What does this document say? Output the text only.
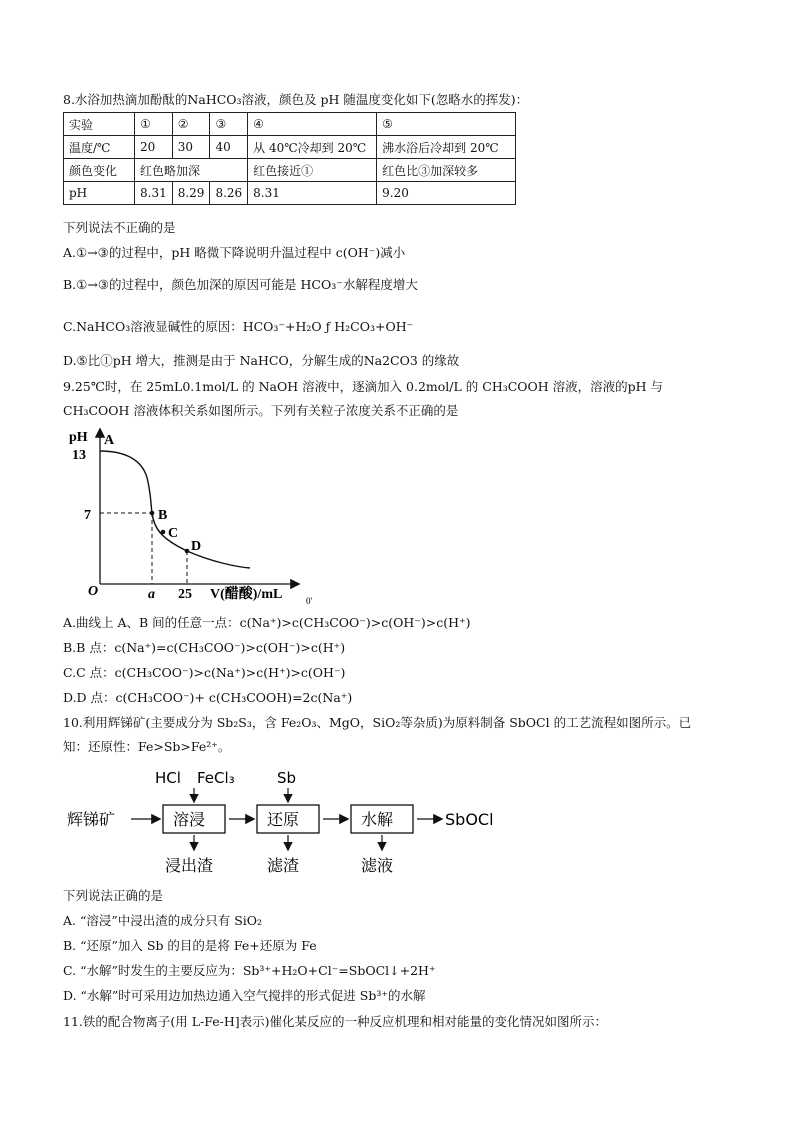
8.水浴加热滴加酚酞的NaHCO₃溶液，颜色及 pH 随温度变化如下(忽略水的挥发)：
实验	①	②	③	④	⑤
温度/℃	20	30	40	从 40℃冷却到 20℃	沸水浴后冷却到 20℃
颜色变化	红色略加深			红色接近①	红色比③加深较多
pH	8.31	8.29	8.26	8.31	9.20
下列说法不正确的是
A.①→③的过程中，pH 略微下降说明升温过程中 c(OH⁻)减小
B.①→③的过程中，颜色加深的原因可能是 HCO₃⁻水解程度增大
C.NaHCO₃溶液显碱性的原因：HCO₃⁻+H₂O ƒ H₂CO₃+OH⁻
D.⑤比①pH 增大，推测是由于 NaHCO，分解生成的Na2CO3 的缘故
9.25℃时，在 25mL0.1mol/L 的 NaOH 溶液中，逐滴加入 0.2mol/L 的 CH₃COOH 溶液，溶液的pH 与
CH₃COOH 溶液体积关系如图所示。下列有关粒子浓度关系不正确的是
pH A
13
7	B
C
D
O	a 25 V(醋酸)/mL	0'
A.曲线上 A、B 间的任意一点：c(Na⁺)>c(CH₃COO⁻)>c(OH⁻)>c(H⁺)
B.B 点：c(Na⁺)=c(CH₃COO⁻)>c(OH⁻)>c(H⁺)
C.C 点：c(CH₃COO⁻)>c(Na⁺)>c(H⁺)>c(OH⁻)
D.D 点：c(CH₃COO⁻)+ c(CH₃COOH)=2c(Na⁺)
10.利用辉锑矿(主要成分为 Sb₂S₃，含 Fe₂O₃、MgO，SiO₂等杂质)为原料制备 SbOCl 的工艺流程如图所示。已
知：还原性：Fe>Sb>Fe²⁺。
辉锑矿	溶浸	还原	水解	SbOCl
HCl FeCl₃	Sb
浸出渣	滤渣	滤液
下列说法正确的是
A. “溶浸”中浸出渣的成分只有 SiO₂
B. “还原”加入 Sb 的目的是将 Fe+还原为 Fe
C. “水解”时发生的主要反应为：Sb³⁺+H₂O+Cl⁻=SbOCl↓+2H⁺
D. “水解”时可采用边加热边通入空气搅拌的形式促进 Sb³⁺的水解
11.铁的配合物离子(用 L-Fe-H]表示)催化某反应的一种反应机理和相对能量的变化情况如图所示：
